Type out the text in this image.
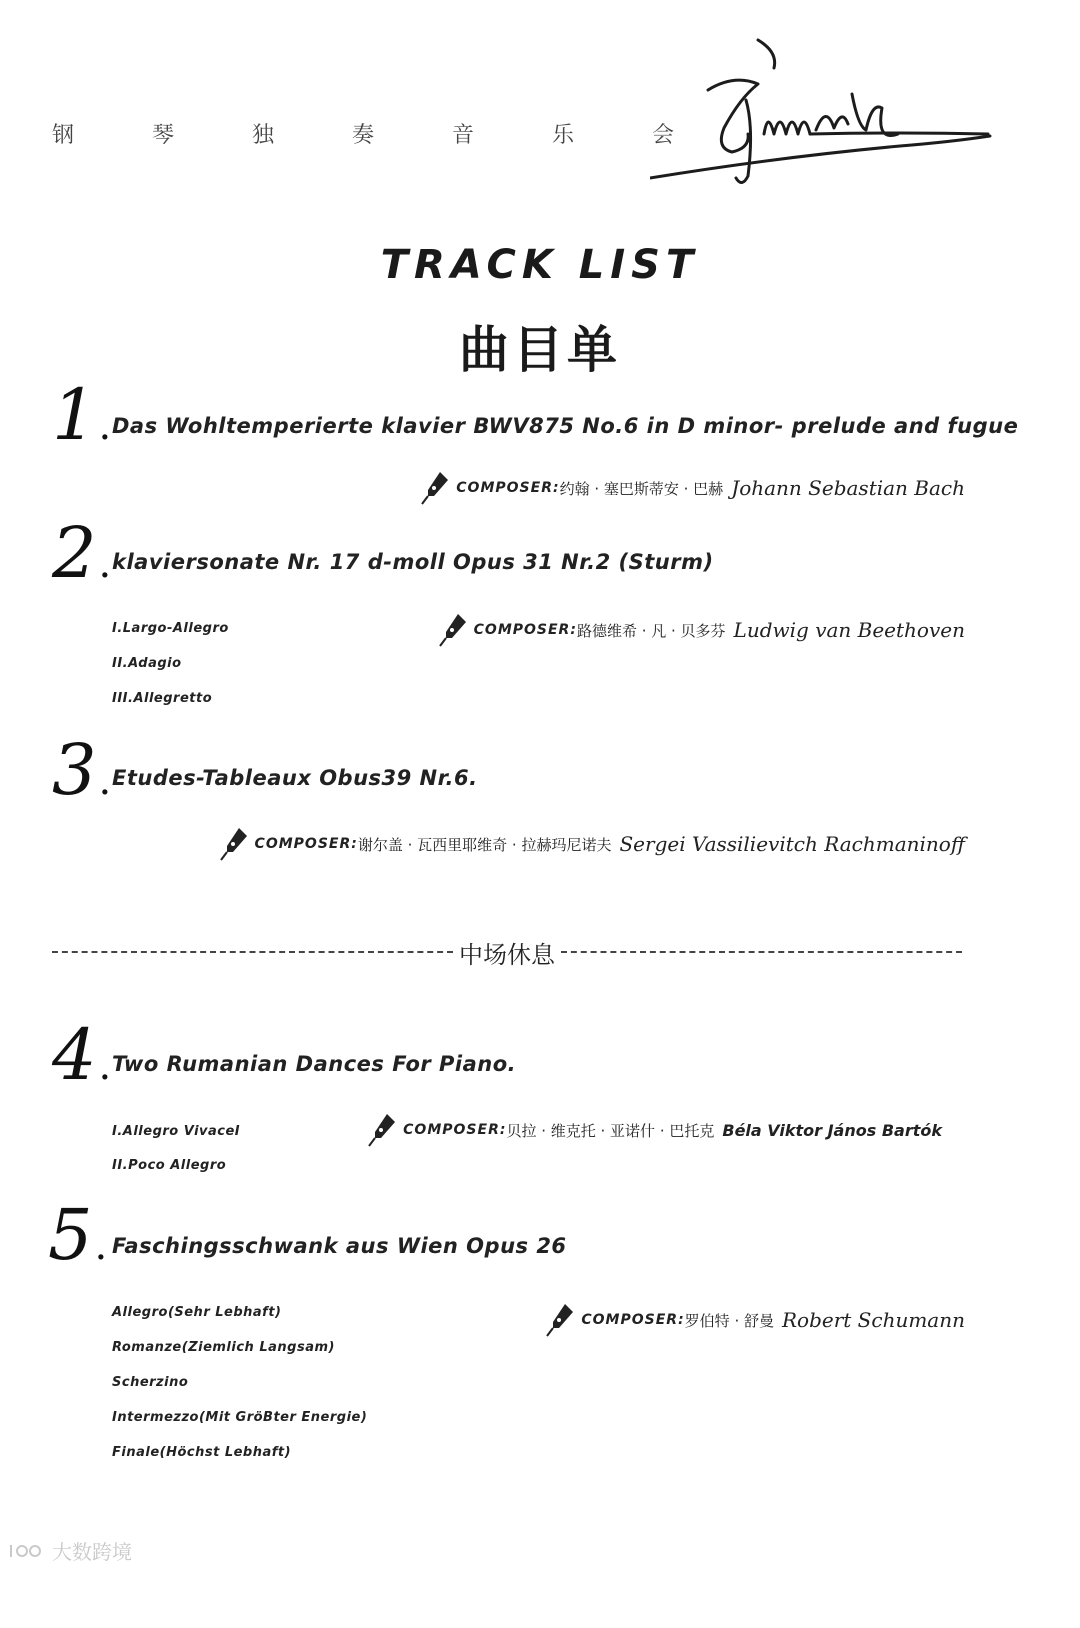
钢	琴	独	奏	音	乐	会
TRACK LIST
曲目单
1. Das Wohltemperierte klavier BWV875 No.6 in D minor- prelude and fugue
COMPOSER: 约翰 · 塞巴斯蒂安 · 巴赫 Johann Sebastian Bach
2. klaviersonate Nr. 17 d-moll Opus 31 Nr.2 (Sturm)
I.Largo-Allegro
II.Adagio
III.Allegretto
COMPOSER: 路德维希 · 凡 · 贝多芬 Ludwig van Beethoven
3. Etudes-Tableaux Obus39 Nr.6.
COMPOSER: 谢尔盖 · 瓦西里耶维奇 · 拉赫玛尼诺夫 Sergei Vassilievitch Rachmaninoff
中场休息
4. Two Rumanian Dances For Piano.
I.Allegro VivaceI
II.Poco Allegro
COMPOSER: 贝拉 · 维克托 · 亚诺什 · 巴托克 Béla Viktor János Bartók
5. Faschingsschwank aus Wien Opus 26
Allegro(Sehr Lebhaft)
Romanze(Ziemlich Langsam)
Scherzino
Intermezzo(Mit GröBter Energie)
Finale(Höchst Lebhaft)
COMPOSER: 罗伯特 · 舒曼 Robert Schumann
大数跨境
